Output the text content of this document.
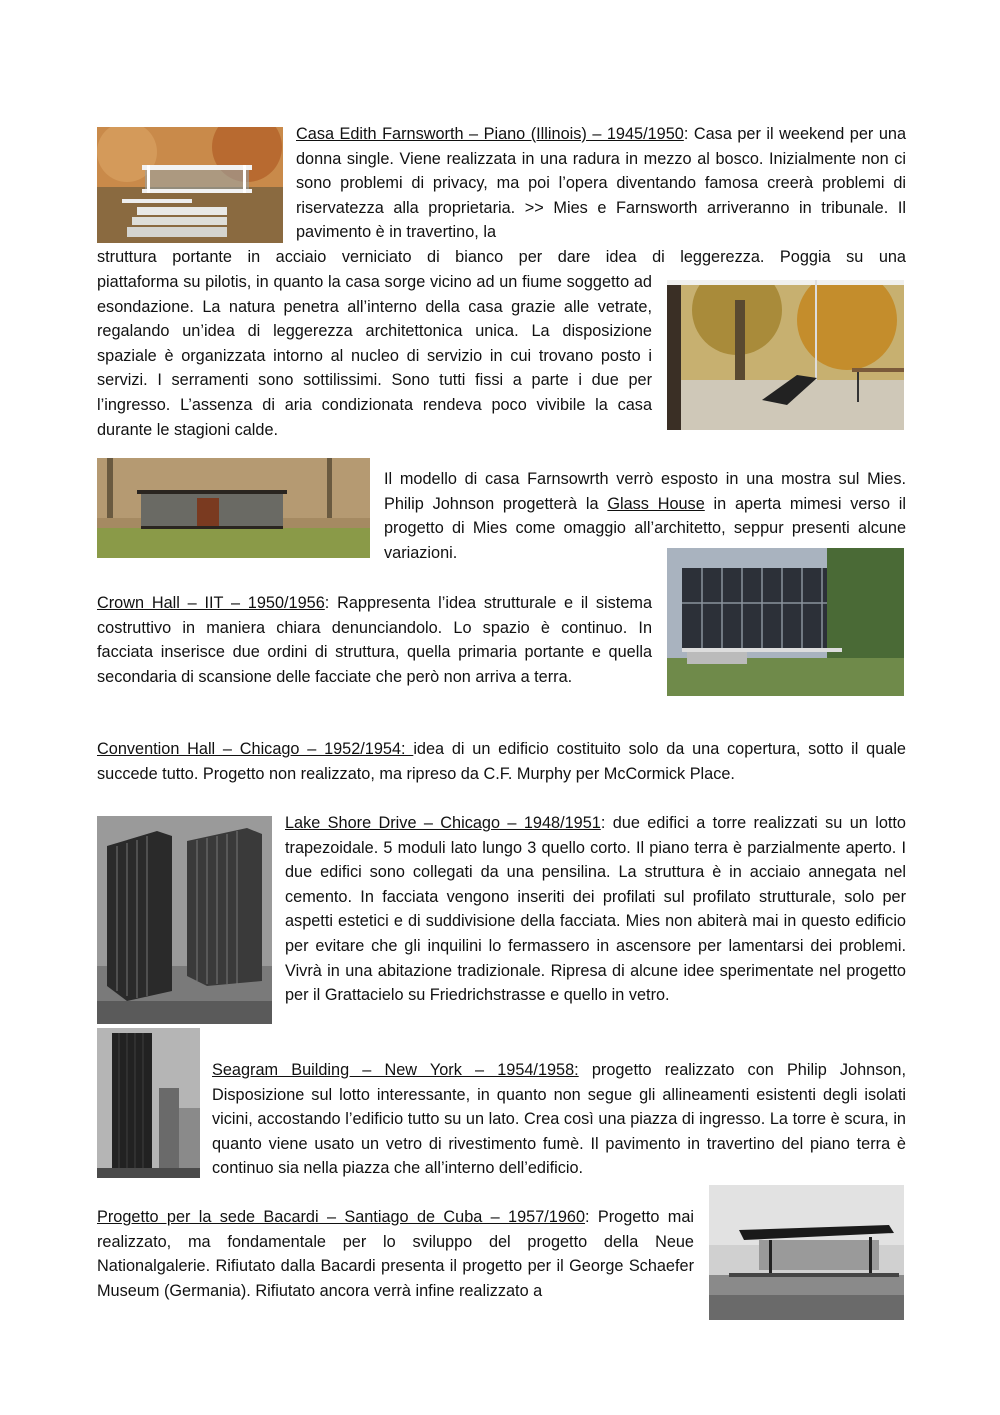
Casa Edith Farnsworth – Piano (Illinois) – 1945/1950: Casa per il weekend per una donna single. Viene realizzata in una radura in mezzo al bosco. Inizialmente non ci sono problemi di privacy, ma poi l’opera diventando famosa creerà problemi di riservatezza alla proprietaria. >> Mies e Farnsworth arriveranno in tribunale. Il pavimento è in travertino, la

struttura portante in acciaio verniciato di bianco per dare idea di leggerezza. Poggia su una

piattaforma su pilotis, in quanto la casa sorge vicino ad un fiume soggetto ad esondazione. La natura penetra all’interno della casa grazie alle vetrate, regalando un’idea di leggerezza architettonica unica. La disposizione spaziale è organizzata intorno al nucleo di servizio in cui trovano posto i servizi. I serramenti sono sottilissimi. Sono tutti fissi a parte i due per l’ingresso. L’assenza di aria condizionata rendeva poco vivibile la casa durante le stagioni calde.

Il modello di casa Farnsowrth verrò esposto in una mostra sul Mies. Philip Johnson progetterà la Glass House in aperta mimesi verso il progetto di Mies come omaggio all’architetto, seppur presenti alcune variazioni.

Crown Hall – IIT – 1950/1956: Rappresenta l’idea strutturale e il sistema costruttivo in maniera chiara denunciandolo. Lo spazio è continuo. In facciata inserisce due ordini di struttura, quella primaria portante e quella secondaria di scansione delle facciate che però non arriva a terra.

Convention Hall – Chicago – 1952/1954: idea di un edificio costituito solo da una copertura, sotto il quale succede tutto. Progetto non realizzato, ma ripreso da C.F. Murphy per McCormick Place.

Lake Shore Drive – Chicago – 1948/1951: due edifici a torre realizzati su un lotto trapezoidale. 5 moduli lato lungo 3 quello corto. Il piano terra è parzialmente aperto. I due edifici sono collegati da una pensilina. La struttura è in acciaio annegata nel cemento. In facciata vengono inseriti dei profilati sul profilato strutturale, solo per aspetti estetici e di suddivisione della facciata. Mies non abiterà mai in questo edificio per evitare che gli inquilini lo fermassero in ascensore per lamentarsi dei problemi. Vivrà in una abitazione tradizionale. Ripresa di alcune idee sperimentate nel progetto per il Grattacielo su Friedrichstrasse e quello in vetro.

Seagram Building – New York – 1954/1958: progetto realizzato con Philip Johnson, Disposizione sul lotto interessante, in quanto non segue gli allineamenti esistenti degli isolati vicini, accostando l’edificio tutto su un lato. Crea così una piazza di ingresso. La torre è scura, in quanto viene usato un vetro di rivestimento fumè. Il pavimento in travertino del piano terra è continuo sia nella piazza che all’interno dell’edificio.

Progetto per la sede Bacardi – Santiago de Cuba – 1957/1960: Progetto mai realizzato, ma fondamentale per lo sviluppo del progetto della Neue Nationalgalerie. Rifiutato dalla Bacardi presenta il progetto per il George Schaefer Museum (Germania). Rifiutato ancora verrà infine realizzato a
